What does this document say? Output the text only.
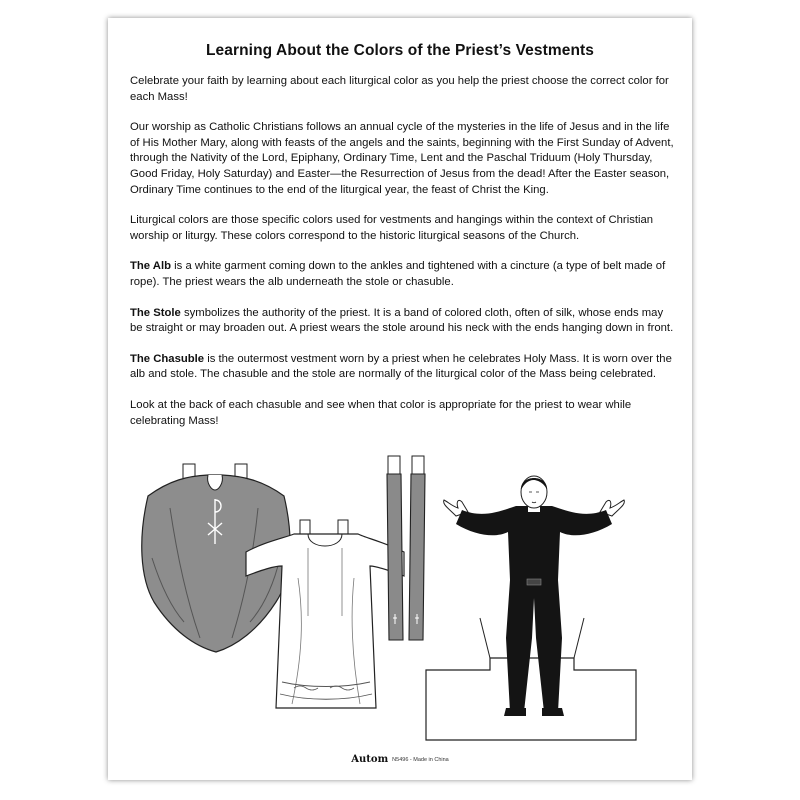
Learning About the Colors of the Priest’s Vestments

Celebrate your faith by learning about each liturgical color as you help the priest choose the correct color for each Mass!

Our worship as Catholic Christians follows an annual cycle of the mysteries in the life of Jesus and in the life of His Mother Mary, along with feasts of the angels and the saints, beginning with the First Sunday of Advent, through the Nativity of the Lord, Epiphany, Ordinary Time, Lent and the Paschal Triduum (Holy Thursday, Good Friday, Holy Saturday) and Easter—the Resurrection of Jesus from the dead! After the Easter season, Ordinary Time continues to the end of the liturgical year, the feast of Christ the King.

Liturgical colors are those specific colors used for vestments and hangings within the context of Christian worship or liturgy. These colors correspond to the historic liturgical seasons of the Church.

The Alb is a white garment coming down to the ankles and tightened with a cincture (a type of belt made of rope). The priest wears the alb underneath the stole or chasuble.

The Stole symbolizes the authority of the priest. It is a band of colored cloth, often of silk, whose ends may be straight or may broaden out. A priest wears the stole around his neck with the ends hanging down in front.

The Chasuble is the outermost vestment worn by a priest when he celebrates Holy Mass. It is worn over the alb and stole. The chasuble and the stole are normally of the liturgical color of the Mass being celebrated.

Look at the back of each chasuble and see when that color is appropriate for the priest to wear while celebrating Mass!

Autom N5496 - Made in China
